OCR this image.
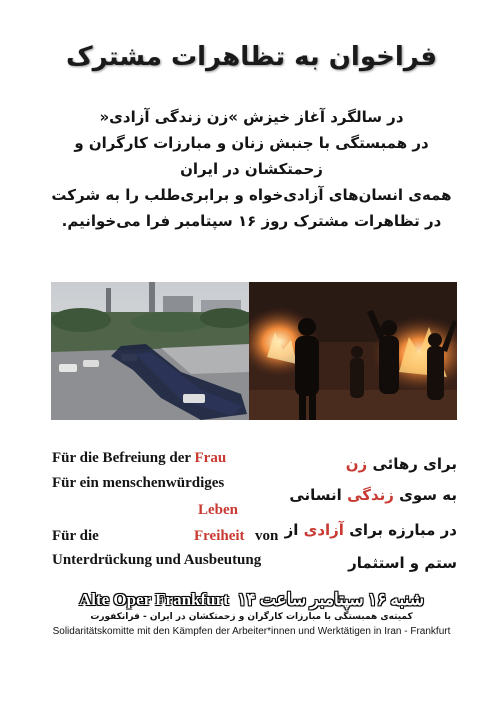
فراخوان به تظاهرات مشترک

در سالگرد آغاز خیزش »زن زندگی آزادی«

در همبستگی با جنبش زنان و مبارزات کارگران و

زحمتکشان در ایران

همه‌ی انسان‌های آزادی‌خواه و برابری‌طلب را به شرکت

در تظاهرات مشترک روز ۱۶ سپتامبر فرا می‌خوانیم.

Für die Befreiung der Frau
Für ein menschenwürdiges
Leben
Für die	Freiheit von
Unterdrückung und Ausbeutung
برای رهائی زن
به سوی زندگی انسانی
در مبارزه برای آزادی از
ستم و استثمار
Alte Oper Frankfurt شنبه ۱۶ سپتامبر ساعت ۱۴
کمیته‌ی همبستگی با مبارزات کارگران و زحمتکشان در ایران - فرانکفورت
Solidaritätskomitte mit den Kämpfen der Arbeiter*innen und Werktätigen in Iran - Frankfurt
